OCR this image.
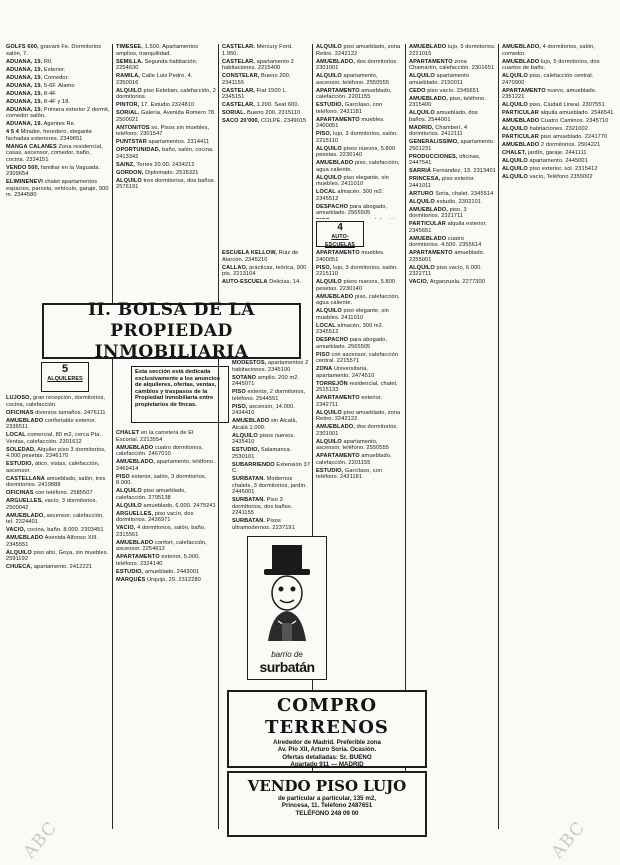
GOLFS 600, gravant Fe. Dormitorios salón, 7.
ADUANA, 19. Rtl.
ADUANA, 19. Exterior.
ADUANA, 19. Comedor.
ADUANA, 19. 5-6F. Alamo
ADUANA, 19. 8-4F.
ADUANA, 19. 8-4F y 18.
ADUANA, 19. Primera exterior 2 dormit, comedor salón.
ADUANA, 19. Agentes Re.
4 5 4 Mirador, heredero, elegante fachadas exteriores. 2349651
MANGA CALANES Zona residencial, casas, ascensor, comedor, baño, cocina. 2334151
VENDO 500, familiar en la Vaguada. 2309654
ELIMINENEVI chalet apartamentos espacios, parcela, vehículo, garaje, 900 m. 2344580
LUJOSO, gran recepción, dormitorios, cocina, calefacción.
OFICINAS diversos tamaños. 2476111
AMUEBLADO confortable exterior. 2336511
LOCAL comercial, 80 m2, cerca Pta. Ventas, calefacción. 2301612
SOLEDAD, Alquiler piso 3 dormitorios, 4.000 pesetas. 2346170
ESTUDIO, ático, vistas, calefacción, ascensor.
CASTELLANA amueblado, salón, tres dormitorios. 2419888
OFICINAS con teléfono. 2585507
ARGUELLES, vacío, 3 dormitorios. 2500042
AMUEBLADO, ascensor, calefacción, tel. 2324401
VACIO, cocina, baño. 8.000. 2303451
AMUEBLADO Avenida Alfonso XIII. 2345551
ALQUILO piso alto, Goya, sin muebles. 2591192
CHUECA, apartamento. 2412221
TIMESEE, 1.500. Apartamentos amplios, tranquilidad.
SEMILLA. Segunda habitación. 2254630
RAMILA, Calle Luis Pedro, 4. 2350016
ALQUILO piso Esteban, calefacción, 2 dormitorios.
PINTOR, 17. Estudio 2324810
SORIAL. Galería, Avenida Romero 78. 2500021
ANTONITOS so. Pisos sin muebles, teléfono. 2301547
PUNTSTAR apartamentos. 2314411
OPORTUNIDAD, baño, salón, cocina. 2413342
SAINZ, Torres 20.00. 2434212
GORDON, Diplomado. 2515321
ALQUILO tres dormitorios, dos baños. 2576191
CHALET en la carretera de El Escorial. 2213554
AMUEBLADO cuatro dormitorios, calefacción. 2467010
AMUEBLADO, apartamento, teléfono. 2469414
PISO exterior, salón, 3 dormitorios, 8.000.
ALQUILO piso amueblado, calefacción. 2795138
ALQUILO amueblado, 6.000. 2475241
ARGUELLES, piso vacío, dos dormitorios. 2436971
VACIO, 4 dormitorios, salón, baño. 2315561
AMUEBLADO confort, calefacción, ascensor. 2254612
APARTAMENTO exterior, 5.000, teléfono. 2324140
ESTUDIO, amueblado. 2443001
MARQUÉS Urquijo, 29. 2312280
CASTELAR. Mercury Ford. 1.950.
CASTELAR, apartamento 2 habitaciones. 2215400
CONSTELAR, Bueno 200. 2341155
CASTELAR, Fiat 1500 L. 2345151
CASTELAR, 1.200. Seat 600.
SORIAL. Bueno 200. 2315110
SACO 20'000, COLPE. 2349015
ESCUELA KELLOW, Ruiz de Alarcón. 2345210
CALLAO, prácticas, teórica, 900 pts. 2213104
AUTO-ESCUELA Delicias, 14.
MODESTOS, apartamentos 2 habitaciones. 2345100
SOTANO amplio, 200 m2. 2445071
PISO exterior, 2 dormitorios, teléfono. 2544551
PISO, ascensor, 14.000. 2434410
AMUEBLADO sin Alcalá, Alcalá 1.000.
ALQUILO pisos nuevos. 2435410
ESTUDIO, Salamanca. 2530101
SUBARRIENDO Extensión 37 C.
SURBATAN. Modernos chalets, 3 dormitorios, jardín. 2445001
SURBATAN. Piso 3 dormitorios, dos baños. 2241155
SURBATAN. Pisos ultramodernos. 2237191
ALQUILO piso amueblado, zona Retiro. 2242122
AMUEBLADO, dos dormitorios. 2301001
ALQUILO apartamento, ascensor, teléfono. 2550555
APARTAMENTO amueblado, calefacción. 2201155
ESTUDIO, Garcilaso, con teléfono. 2431181
APARTAMENTO muebles. 2400051
PISO, lujo, 3 dormitorios, salón. 2215110
ALQUILO pisos nuevos, 5.800 pesetas. 2230140
AMUEBLADO piso, calefacción, agua caliente.
ALQUILO piso elegante, sin muebles. 2411010
LOCAL almacén, 300 m2. 2345512
DESPACHO para abogado, amueblado. 2565505
APARTAMENTO muebles. 2400051
PISO, lujo, 3 dormitorios, salón. 2215110
ALQUILO pisos nuevos, 5.800 pesetas. 2230140
AMUEBLADO piso, calefacción, agua caliente.
ALQUILO piso elegante, sin muebles. 2411010
LOCAL almacén, 300 m2. 2345512
DESPACHO para abogado, amueblado. 2565505
PISO con ascensor, calefacción central. 2215571
ZONA Universitaria, apartamento. 2474510
TORREJÓN residencial, chalet. 2515133
APARTAMENTO exterior. 2342711
ALQUILO piso amueblado, zona Retiro. 2242122
AMUEBLADO, dos dormitorios. 2301001
ALQUILO apartamento, ascensor, teléfono. 2550555
APARTAMENTO amueblado, calefacción. 2201155
ESTUDIO, Garcilaso, con teléfono. 2431181
AMUEBLADO lujo, 5 dormitorios. 2221015
APARTAMENTO zona Chamartín, calefacción. 2301651
ALQUILO apartamento amueblado. 2150011
CEDO piso vacío. 2345651
AMUEBLADO, piso, teléfono. 2315400
ALQUILO amueblado, dos baños. 2544001
MADRID, Chamberí, 4 dormitorios. 2412111
GENERALISSIMO, apartamento. 2501231
PRODUCCIONES, oficinas, 2447541
SARRIÁ Fernandez, 13. 2313401
PRINCESA, piso exterior. 2441011
ARTURO Soria, chalet. 2345514
ALQUILO estudio. 2302101
AMUEBLADO, piso, 3 dormitorios. 2321711
PARTICULAR alquila exterior. 2345651
AMUEBLADO cuatro dormitorios. 4.500. 2355614
APARTAMENTO amueblado. 2255001
ALQUILO piso vacío, 6.000. 2322711
VACIO, Arganzuela. 2277300
AMUEBLADO, 4 dormitorios, salón, comedor.
AMUEBLADO lujo, 5 dormitorios, dos cuartos de baño.
ALQUILO piso, calefacción central. 2470900
APARTAMENTO nuevo, amueblado. 2351221
ALQUILO piso, Ciudad Lineal. 2307551
PARTICULAR alquila amueblado. 2546541
AMUEBLADO Cuatro Caminos. 2345710
ALQUILO habitaciones. 2321002
PARTICULAR piso amueblado. 2241770
AMUEBLADO 2 dormitorios. 2504221
CHALET, jardín, garaje. 2441111
ALQUILO apartamento. 2445001
ALQUILO piso exterior, sol. 2315412
ALQUILO vacío, Teléfono 2355002
II. BOLSA DE LA PROPIEDAD
INMOBILIARIA
5
ALQUILERES
4
AUTO-ESCUELAS
Esta sección está dedicada exclusivamente a los anuncios de alquileres, ofertas, ventas, cambios y traspasos de la Propiedad Inmobiliaria entre propietarios de fincas.
barrio de
surbatán
COMPRO TERRENOS
Alrededor de Madrid. Preferible zona
Av. Pío XII, Arturo Soria. Ocasión.
Ofertas detalladas: Sr. BUENO
Apartado 911 — MADRID
VENDO PISO LUJO
de particular a particular, 135 m2,
Princesa, 11. Teléfono 2487651
TELÉFONO 248 09 00
ABC	ABC
